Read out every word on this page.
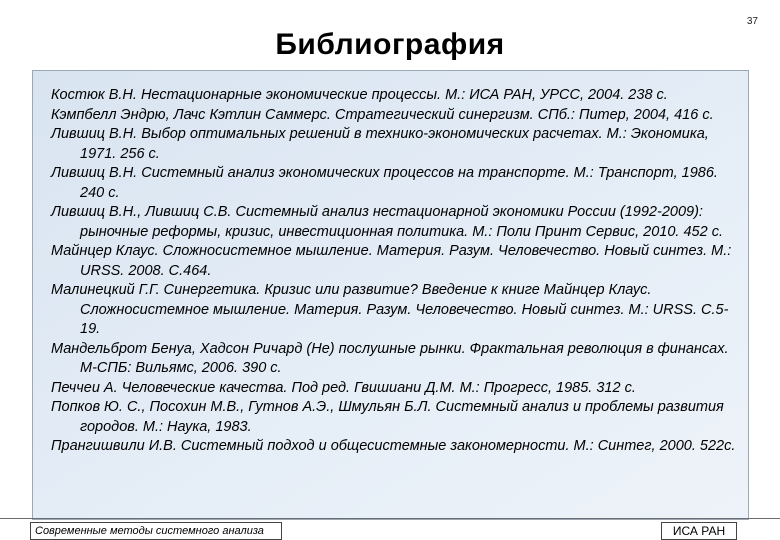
37
Библиография
Костюк В.Н. Нестационарные экономические процессы. М.: ИСА РАН, УРСС, 2004. 238 с.
Кэмпбелл Эндрю, Лачс Кэтлин Саммерс. Стратегический синергизм. СПб.: Питер, 2004, 416 с.
Лившиц В.Н. Выбор оптимальных решений в технико-экономических расчетах. М.: Экономика, 1971. 256 с.
Лившиц В.Н. Системный анализ экономических процессов на транспорте. М.: Транспорт, 1986. 240 с.
Лившиц В.Н., Лившиц С.В. Системный анализ нестационарной экономики России (1992-2009): рыночные реформы, кризис, инвестиционная политика. М.: Поли Принт Сервис, 2010. 452 с.
Майнцер Клаус. Сложносистемное мышление. Материя. Разум. Человечество. Новый синтез. М.: URSS. 2008. С.464.
Малинецкий Г.Г. Синергетика. Кризис или развитие? Введение к книге Майнцер Клаус. Сложносистемное мышление. Материя. Разум. Человечество. Новый синтез. М.: URSS. С.5-19.
Мандельброт Бенуа, Хадсон Ричард (Не) послушные рынки. Фрактальная революция в финансах. М-СПБ: Вильямс, 2006. 390 с.
Печчеи А. Человеческие качества. Под ред. Гвишиани Д.М. М.: Прогресс, 1985. 312 с.
Попков Ю. С., Посохин М.В., Гутнов А.Э., Шмульян Б.Л. Системный анализ и проблемы развития городов. М.: Наука, 1983.
Прангишвили И.В. Системный подход и общесистемные закономерности. М.: Синтег, 2000. 522с.
Современные методы системного анализа	ИСА РАН
